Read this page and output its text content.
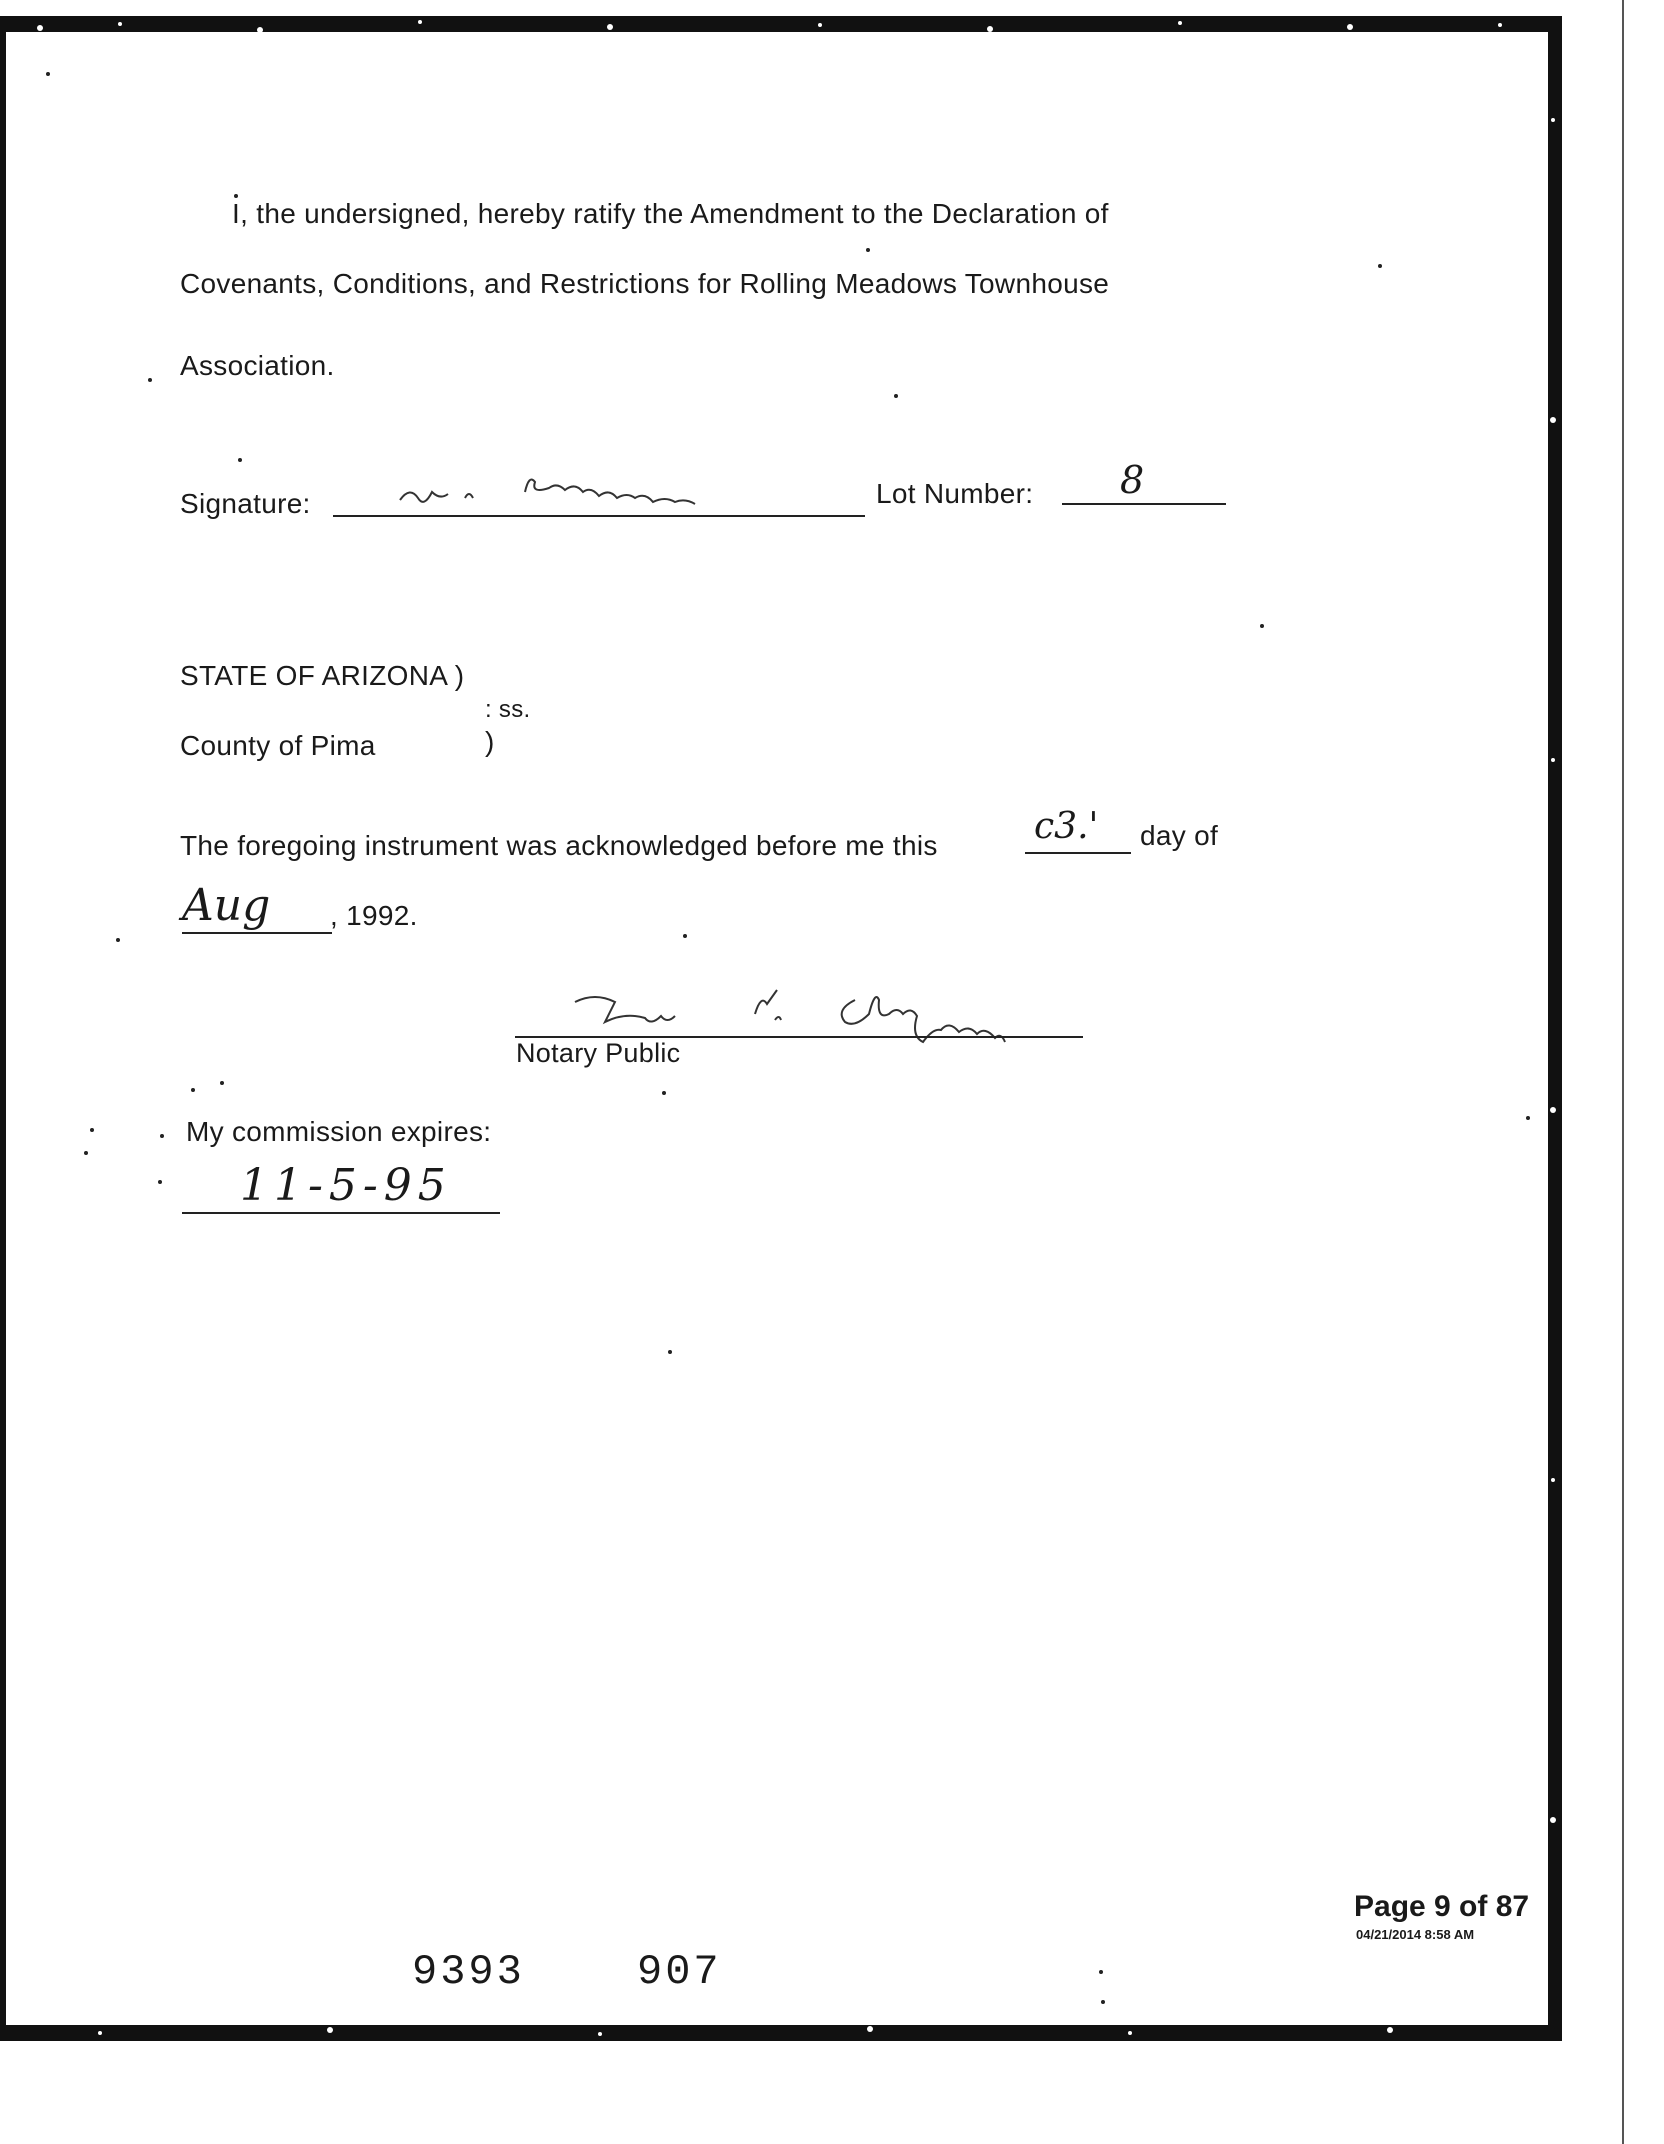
I, the undersigned, hereby ratify the Amendment to the Declaration of
Covenants, Conditions, and Restrictions for Rolling Meadows Townhouse
Association.
Signature:	Lot Number: 8
STATE OF ARIZONA )
: ss.
County of Pima	)
The foregoing instrument was acknowledged before me this	c3.' day of
Aug , 1992.
Notary Public
My commission expires:
11-5-95
Page 9 of 87
04/21/2014 8:58 AM
9393	907
